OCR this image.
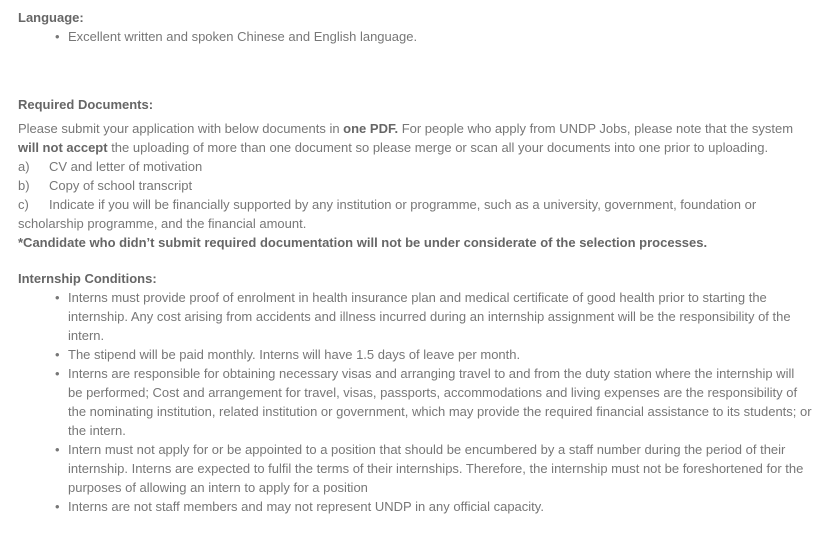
Language:

• Excellent written and spoken Chinese and English language.

Required Documents:

Please submit your application with below documents in one PDF. For people who apply from UNDP Jobs, please note that the system will not accept the uploading of more than one document so please merge or scan all your documents into one prior to uploading.

a) CV and letter of motivation

b) Copy of school transcript

c) Indicate if you will be financially supported by any institution or programme, such as a university, government, foundation or scholarship programme, and the financial amount.

*Candidate who didn’t submit required documentation will not be under considerate of the selection processes.

Internship Conditions:

• Interns must provide proof of enrolment in health insurance plan and medical certificate of good health prior to starting the internship. Any cost arising from accidents and illness incurred during an internship assignment will be the responsibility of the intern.
• The stipend will be paid monthly. Interns will have 1.5 days of leave per month.
• Interns are responsible for obtaining necessary visas and arranging travel to and from the duty station where the internship will be performed; Cost and arrangement for travel, visas, passports, accommodations and living expenses are the responsibility of the nominating institution, related institution or government, which may provide the required financial assistance to its students; or the intern.
• Intern must not apply for or be appointed to a position that should be encumbered by a staff number during the period of their internship. Interns are expected to fulfil the terms of their internships. Therefore, the internship must not be foreshortened for the purposes of allowing an intern to apply for a position
• Interns are not staff members and may not represent UNDP in any official capacity.
